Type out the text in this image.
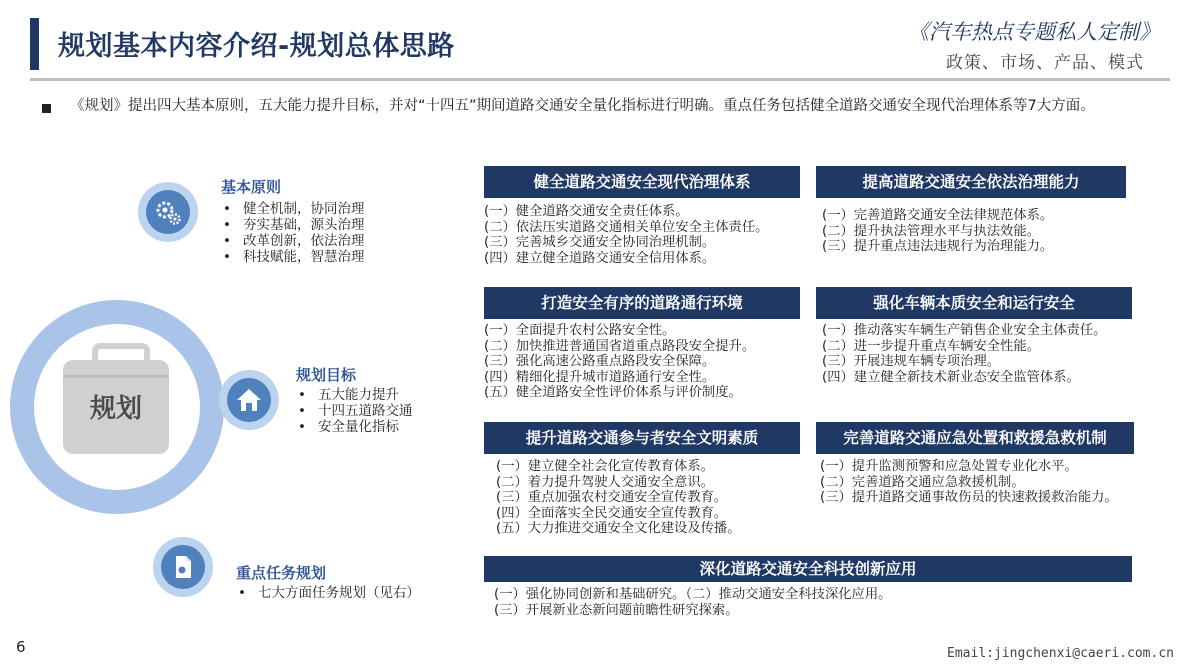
规划基本内容介绍-规划总体思路	《汽车热点专题私人定制》
政策、市场、产品、模式
《规划》提出四大基本原则，五大能力提升目标，并对“十四五”期间道路交通安全量化指标进行明确。重点任务包括健全道路交通安全现代治理体系等7大方面。
规划
基本原则
• 健全机制，协同治理
• 夯实基础，源头治理
• 改革创新，依法治理
• 科技赋能，智慧治理
规划目标
• 五大能力提升
• 十四五道路交通
• 安全量化指标
重点任务规划
• 七大方面任务规划（见右）
健全道路交通安全现代治理体系
(一）健全道路交通安全责任体系。
(二）依法压实道路交通相关单位安全主体责任。
(三）完善城乡交通安全协同治理机制。
(四）建立健全道路交通安全信用体系。
提高道路交通安全依法治理能力
(一）完善道路交通安全法律规范体系。
(二）提升执法管理水平与执法效能。
(三）提升重点违法违规行为治理能力。
打造安全有序的道路通行环境
(一）全面提升农村公路安全性。
(二）加快推进普通国省道重点路段安全提升。
(三）强化高速公路重点路段安全保障。
(四）精细化提升城市道路通行安全性。
(五）健全道路安全性评价体系与评价制度。
强化车辆本质安全和运行安全
(一）推动落实车辆生产销售企业安全主体责任。
(二）进一步提升重点车辆安全性能。
(三）开展违规车辆专项治理。
(四）建立健全新技术新业态安全监管体系。
提升道路交通参与者安全文明素质
(一）建立健全社会化宣传教育体系。
(二）着力提升驾驶人交通安全意识。
(三）重点加强农村交通安全宣传教育。
(四）全面落实全民交通安全宣传教育。
(五）大力推进交通安全文化建设及传播。
完善道路交通应急处置和救援急救机制
(一）提升监测预警和应急处置专业化水平。
(二）完善道路交通应急救援机制。
(三）提升道路交通事故伤员的快速救援救治能力。
深化道路交通安全科技创新应用
(一）强化协同创新和基础研究。（二）推动交通安全科技深化应用。
(三）开展新业态新问题前瞻性研究探索。
6	Email:jingchenxi@caeri.com.cn
